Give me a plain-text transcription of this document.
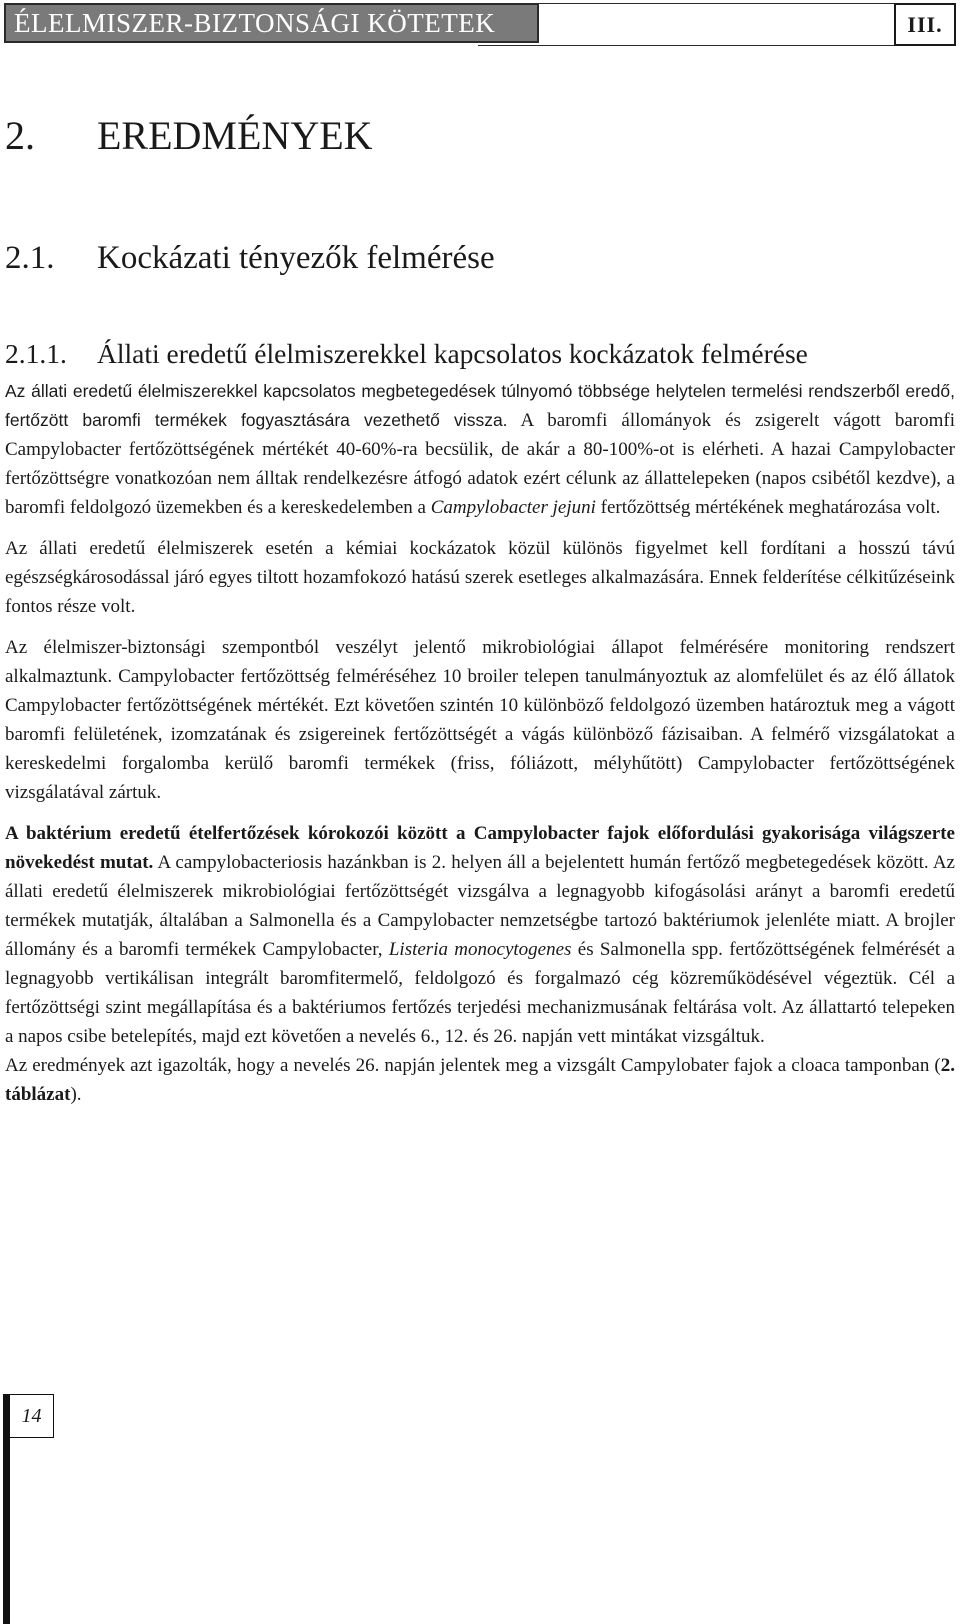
ÉLELMISZER-BIZTONSÁGI KÖTETEK	III.
2. EREDMÉNYEK
2.1. Kockázati tényezők felmérése
2.1.1. Állati eredetű élelmiszerekkel kapcsolatos kockázatok felmérése

Az állati eredetű élelmiszerekkel kapcsolatos megbetegedések túlnyomó többsége helytelen termelési rendszerből eredő, fertőzött baromfi termékek fogyasztására vezethető vissza. A baromfi állományok és zsigerelt vágott baromfi Campylobacter fertőzöttségének mértékét 40-60%-ra becsülik, de akár a 80-100%-ot is elérheti. A hazai Campylobacter fertőzöttségre vonatkozóan nem álltak rendelkezésre átfogó adatok ezért célunk az állattelepeken (napos csibétől kezdve), a baromfi feldolgozó üzemekben és a kereskedelemben a Campylobacter jejuni fertőzöttség mértékének meghatározása volt.

Az állati eredetű élelmiszerek esetén a kémiai kockázatok közül különös figyelmet kell fordítani a hosszú távú egészségkárosodással járó egyes tiltott hozamfokozó hatású szerek esetleges alkalmazására. Ennek felderítése célkitűzéseink fontos része volt.

Az élelmiszer-biztonsági szempontból veszélyt jelentő mikrobiológiai állapot felmérésére monitoring rendszert alkalmaztunk. Campylobacter fertőzöttség felméréséhez 10 broiler telepen tanulmányoztuk az alomfelület és az élő állatok Campylobacter fertőzöttségének mértékét. Ezt követően szintén 10 különböző feldolgozó üzemben határoztuk meg a vágott baromfi felületének, izomzatának és zsigereinek fertőzöttségét a vágás különböző fázisaiban. A felmérő vizsgálatokat a kereskedelmi forgalomba kerülő baromfi termékek (friss, fóliázott, mélyhűtött) Campylobacter fertőzöttségének vizsgálatával zártuk.

A baktérium eredetű ételfertőzések kórokozói között a Campylobacter fajok előfordulási gyakorisága világszerte növekedést mutat. A campylobacteriosis hazánkban is 2. helyen áll a bejelentett humán fertőző megbetegedések között. Az állati eredetű élelmiszerek mikrobiológiai fertőzöttségét vizsgálva a legnagyobb kifogásolási arányt a baromfi eredetű termékek mutatják, általában a Salmonella és a Campylobacter nemzetségbe tartozó baktériumok jelenléte miatt. A brojler állomány és a baromfi termékek Campylobacter, Listeria monocytogenes és Salmonella spp. fertőzöttségének felmérését a legnagyobb vertikálisan integrált baromfitermelő, feldolgozó és forgalmazó cég közreműködésével végeztük. Cél a fertőzöttségi szint megállapítása és a baktériumos fertőzés terjedési mechanizmusának feltárása volt. Az állattartó telepeken a napos csibe betelepítés, majd ezt követően a nevelés 6., 12. és 26. napján vett mintákat vizsgáltuk.

Az eredmények azt igazolták, hogy a nevelés 26. napján jelentek meg a vizsgált Campylobater fajok a cloaca tamponban (2. táblázat).

14
